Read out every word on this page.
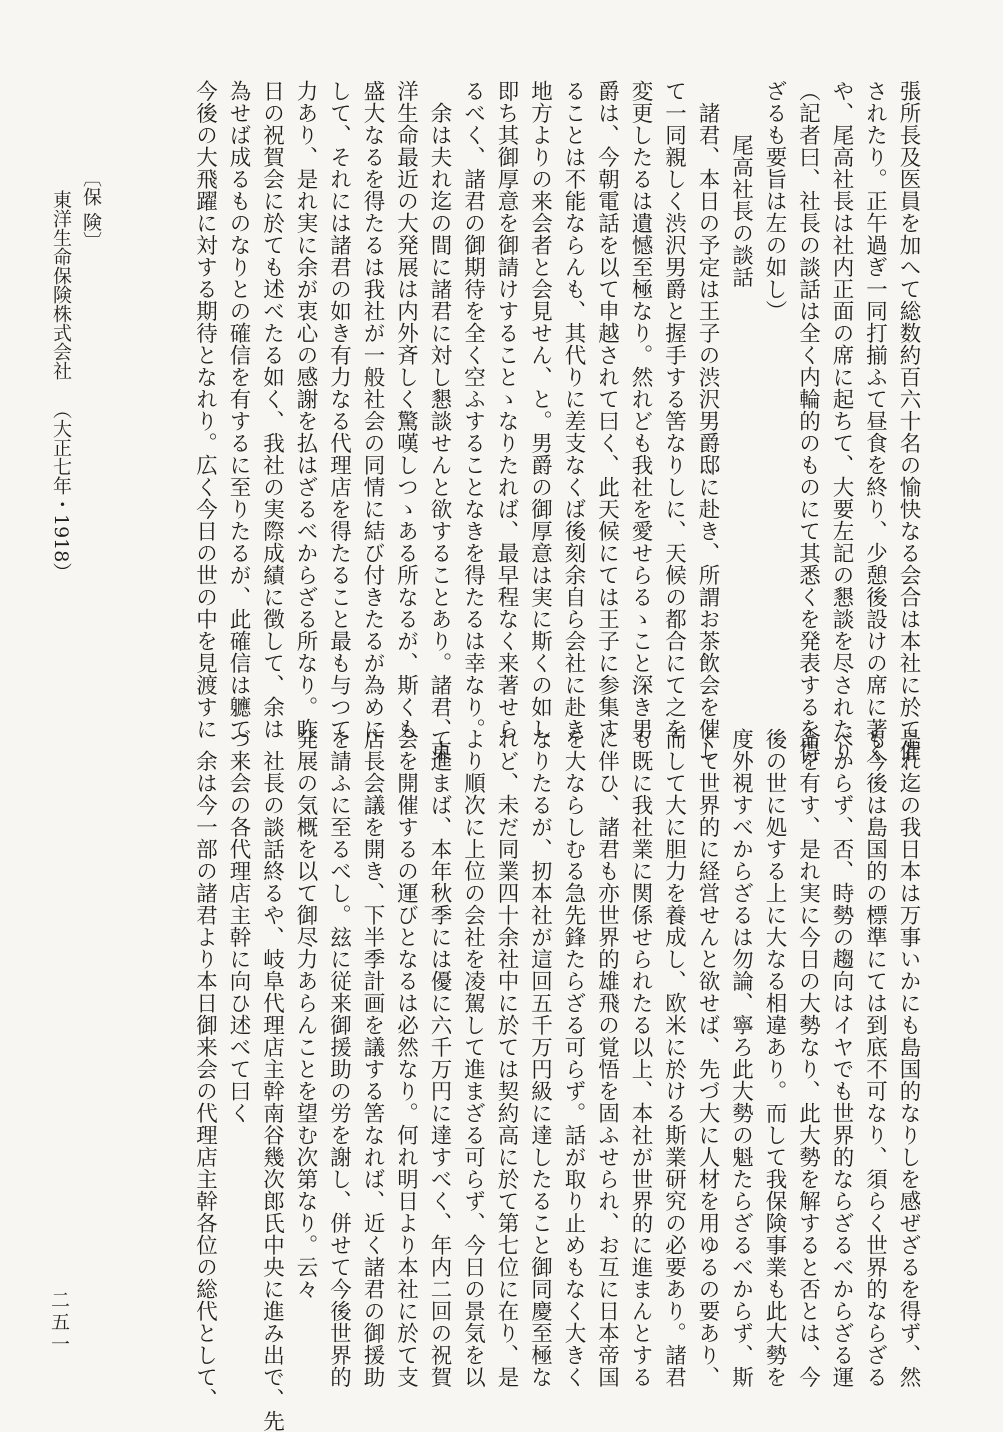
張所長及医員を加へて総数約百六十名の愉快なる会合は本社に於て催

されたり。正午過ぎ一同打揃ふて昼食を終り、少憩後設けの席に著く

や、尾高社長は社内正面の席に起ちて、大要左記の懇談を尽されたり

（記者曰、社長の談話は全く内輪的のものにて其悉くを発表するを得

ざるも要旨は左の如し）

尾高社長の談話

諸君、本日の予定は王子の渋沢男爵邸に赴き、所謂お茶飲会を催し

て一同親しく渋沢男爵と握手する筈なりしに、天候の都合にて之を

変更したるは遺憾至極なり。然れども我社を愛せらるゝこと深き男

爵は、今朝電話を以て申越されて曰く、此天候にては王子に参集す

ることは不能ならんも、其代りに差支なくば後刻余自ら会社に赴き

地方よりの来会者と会見せん、と。男爵の御厚意は実に斯くの如し

即ち其御厚意を御請けすることゝなりたれば、最早程なく来著せら

るべく、諸君の御期待を全く空ふすることなきを得たるは幸なり。

余は夫れ迄の間に諸君に対し懇談せんと欲することあり。諸君、東

洋生命最近の大発展は内外斉しく驚嘆しつゝある所なるが、斯くも

盛大なるを得たるは我社が一般社会の同情に結び付きたるが為めに

して、それには諸君の如き有力なる代理店を得たること最も与つて

力あり、是れ実に余が衷心の感謝を払はざるべからざる所なり。昨

日の祝賀会に於ても述べたる如く、我社の実際成績に徴して、余は

為せば成るものなりとの確信を有するに至りたるが、此確信は軈て

今後の大飛躍に対する期待となれり。広く今日の世の中を見渡すに

是れ迄の我日本は万事いかにも島国的なりしを感ぜざるを得ず、然

も今後は島国的の標準にては到底不可なり、須らく世界的ならざる

べからず、否、時勢の趨向はイヤでも世界的ならざるべからざる運

命を有す、是れ実に今日の大勢なり、此大勢を解すると否とは、今

後の世に処する上に大なる相違あり。而して我保険事業も此大勢を

度外視すべからざるは勿論、寧ろ此大勢の魁たらざるべからず、斯

くて世界的に経営せんと欲せば、先づ大に人材を用ゆるの要あり、

而して大に胆力を養成し、欧米に於ける斯業研究の必要あり。諸君

も既に我社業に関係せられたる以上、本社が世界的に進まんとする

に伴ひ、諸君も亦世界的雄飛の覚悟を固ふせられ、お互に日本帝国

を大ならしむる急先鋒たらざる可らず。話が取り止めもなく大きく

なりたるが、扨本社が這回五千万円級に達したること御同慶至極な

れど、未だ同業四十余社中に於ては契約高に於て第七位に在り、是

より順次に上位の会社を凌駕して進まざる可らず、今日の景気を以

て進まば、本年秋季には優に六千万円に達すべく、年内二回の祝賀

会を開催するの運びとなるは必然なり。何れ明日より本社に於て支

店長会議を開き、下半季計画を議する筈なれば、近く諸君の御援助

を請ふに至るべし。玆に従来御援助の労を謝し、併せて今後世界的

発展の気概を以て御尽力あらんことを望む次第なり。云々

社長の談話終るや、岐阜代理店主幹南谷幾次郎氏中央に進み出で、先

づ来会の各代理店主幹に向ひ述べて曰く

余は今一部の諸君より本日御来会の代理店主幹各位の総代として、

〔保 険〕
東洋生命保険株式会社 （大正七年・1918）
二五一
